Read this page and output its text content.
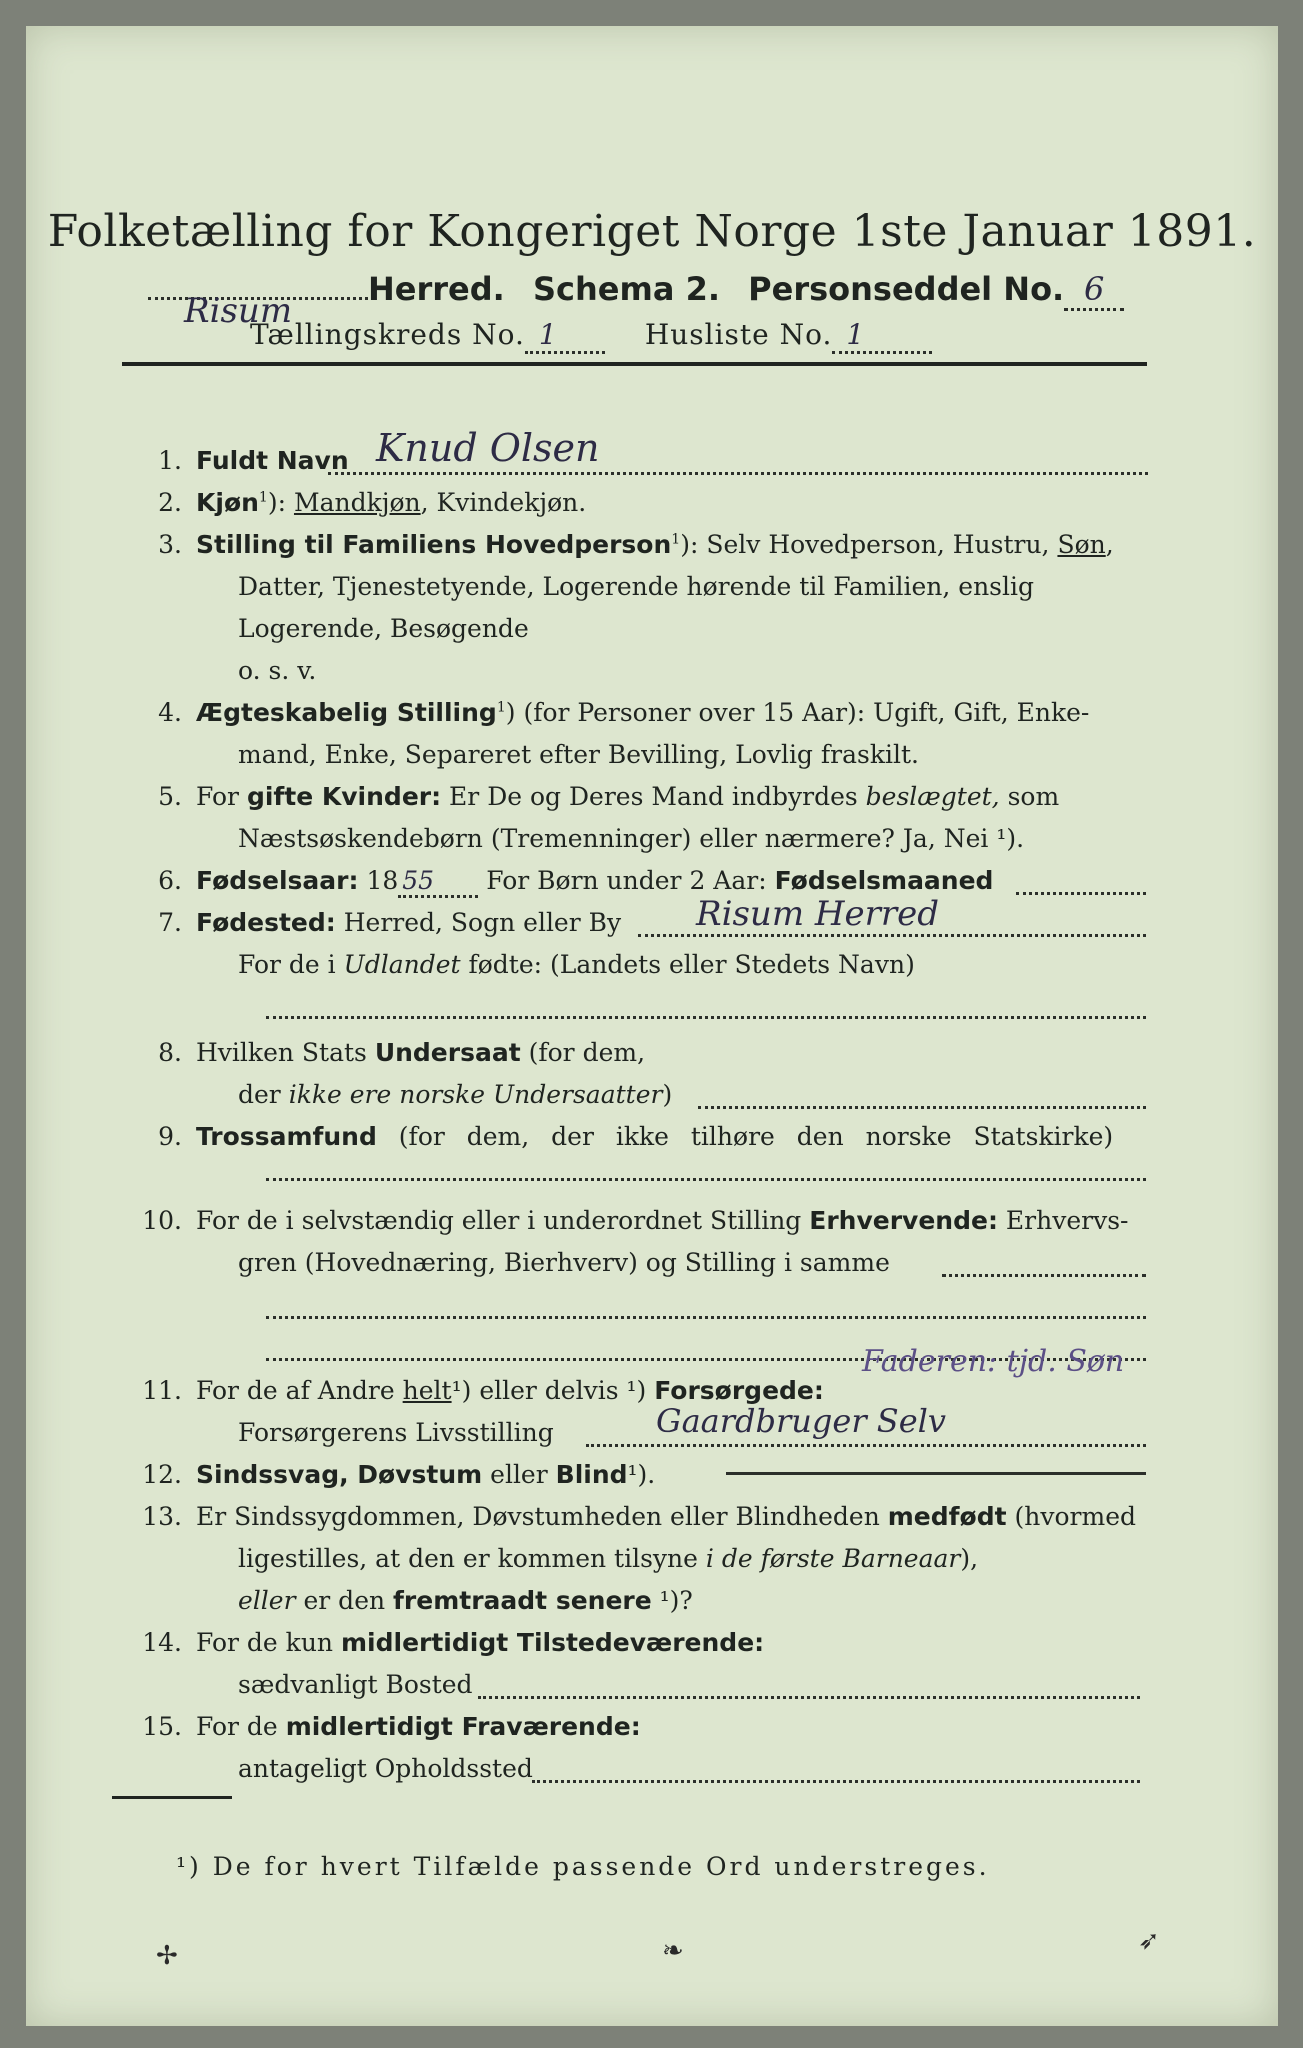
Folketælling for Kongeriget Norge 1ste Januar 1891.
Risum
Herred. Schema 2. Personseddel No. 6
Tællingskreds No. 1	Husliste No. 1
1. Fuldt Navn Knud Olsen
2. Kjøn$^1$): Mandkjøn, Kvindekjøn.
3. Stilling til Familiens Hovedperson$^1$): Selv Hovedperson, Hustru, Søn,
Datter, Tjenestetyende, Logerende hørende til Familien, enslig
Logerende, Besøgende
o. s. v.
4. Ægteskabelig Stilling$^1$) (for Personer over 15 Aar): Ugift, Gift, Enke-
mand, Enke, Separeret efter Bevilling, Lovlig fraskilt.
5. For gifte Kvinder: Er De og Deres Mand indbyrdes beslægtet, som
Næstsøskendebørn (Tremenninger) eller nærmere? Ja, Nei ¹).
6. Fødselsaar: 18 55 For Børn under 2 Aar: Fødselsmaaned
7. Fødested: Herred, Sogn eller By Risum Herred
For de i Udlandet fødte: (Landets eller Stedets Navn)
8. Hvilken Stats Undersaat (for dem,
der ikke ere norske Undersaatter)
9. Trossamfund (for dem, der ikke tilhøre den norske Statskirke)
10. For de i selvstændig eller i underordnet Stilling Erhvervende: Erhvervs-
gren (Hovednæring, Bierhverv) og Stilling i samme
11. For de af Andre helt¹) eller delvis ¹) Forsørgede:
Faderen: tjd. Søn
Forsørgerens Livsstilling	Gaardbruger Selv
12. Sindssvag, Døvstum eller Blind¹).
13. Er Sindssygdommen, Døvstumheden eller Blindheden medfødt (hvormed
ligestilles, at den er kommen tilsyne i de første Barneaar),
eller er den fremtraadt senere ¹)?
14. For de kun midlertidigt Tilstedeværende:
sædvanligt Bosted
15. For de midlertidigt Fraværende:
antageligt Opholdssted
¹) De for hvert Tilfælde passende Ord understreges.
✢	❧	➶
